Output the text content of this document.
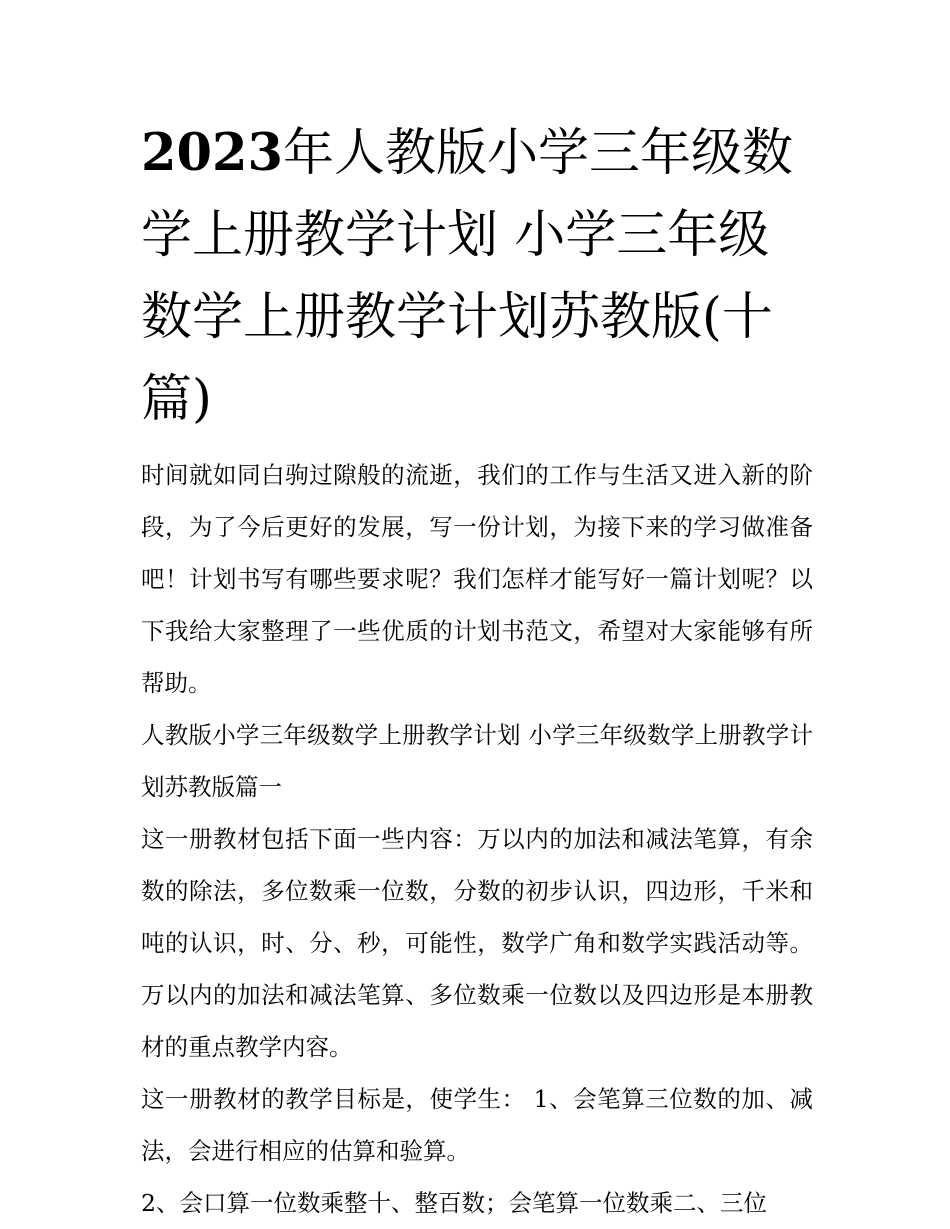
2023年人教版小学三年级数学上册教学计划 小学三年级数学上册教学计划苏教版(十篇)

时间就如同白驹过隙般的流逝，我们的工作与生活又进入新的阶段，为了今后更好的发展，写一份计划，为接下来的学习做准备吧！计划书写有哪些要求呢？我们怎样才能写好一篇计划呢？以下我给大家整理了一些优质的计划书范文，希望对大家能够有所帮助。

人教版小学三年级数学上册教学计划 小学三年级数学上册教学计划苏教版篇一

这一册教材包括下面一些内容：万以内的加法和减法笔算，有余数的除法，多位数乘一位数，分数的初步认识，四边形，千米和吨的认识，时、分、秒，可能性，数学广角和数学实践活动等。万以内的加法和减法笔算、多位数乘一位数以及四边形是本册教材的重点教学内容。

这一册教材的教学目标是，使学生： 1、会笔算三位数的加、减法，会进行相应的估算和验算。

2、会口算一位数乘整十、整百数；会笔算一位数乘二、三位
